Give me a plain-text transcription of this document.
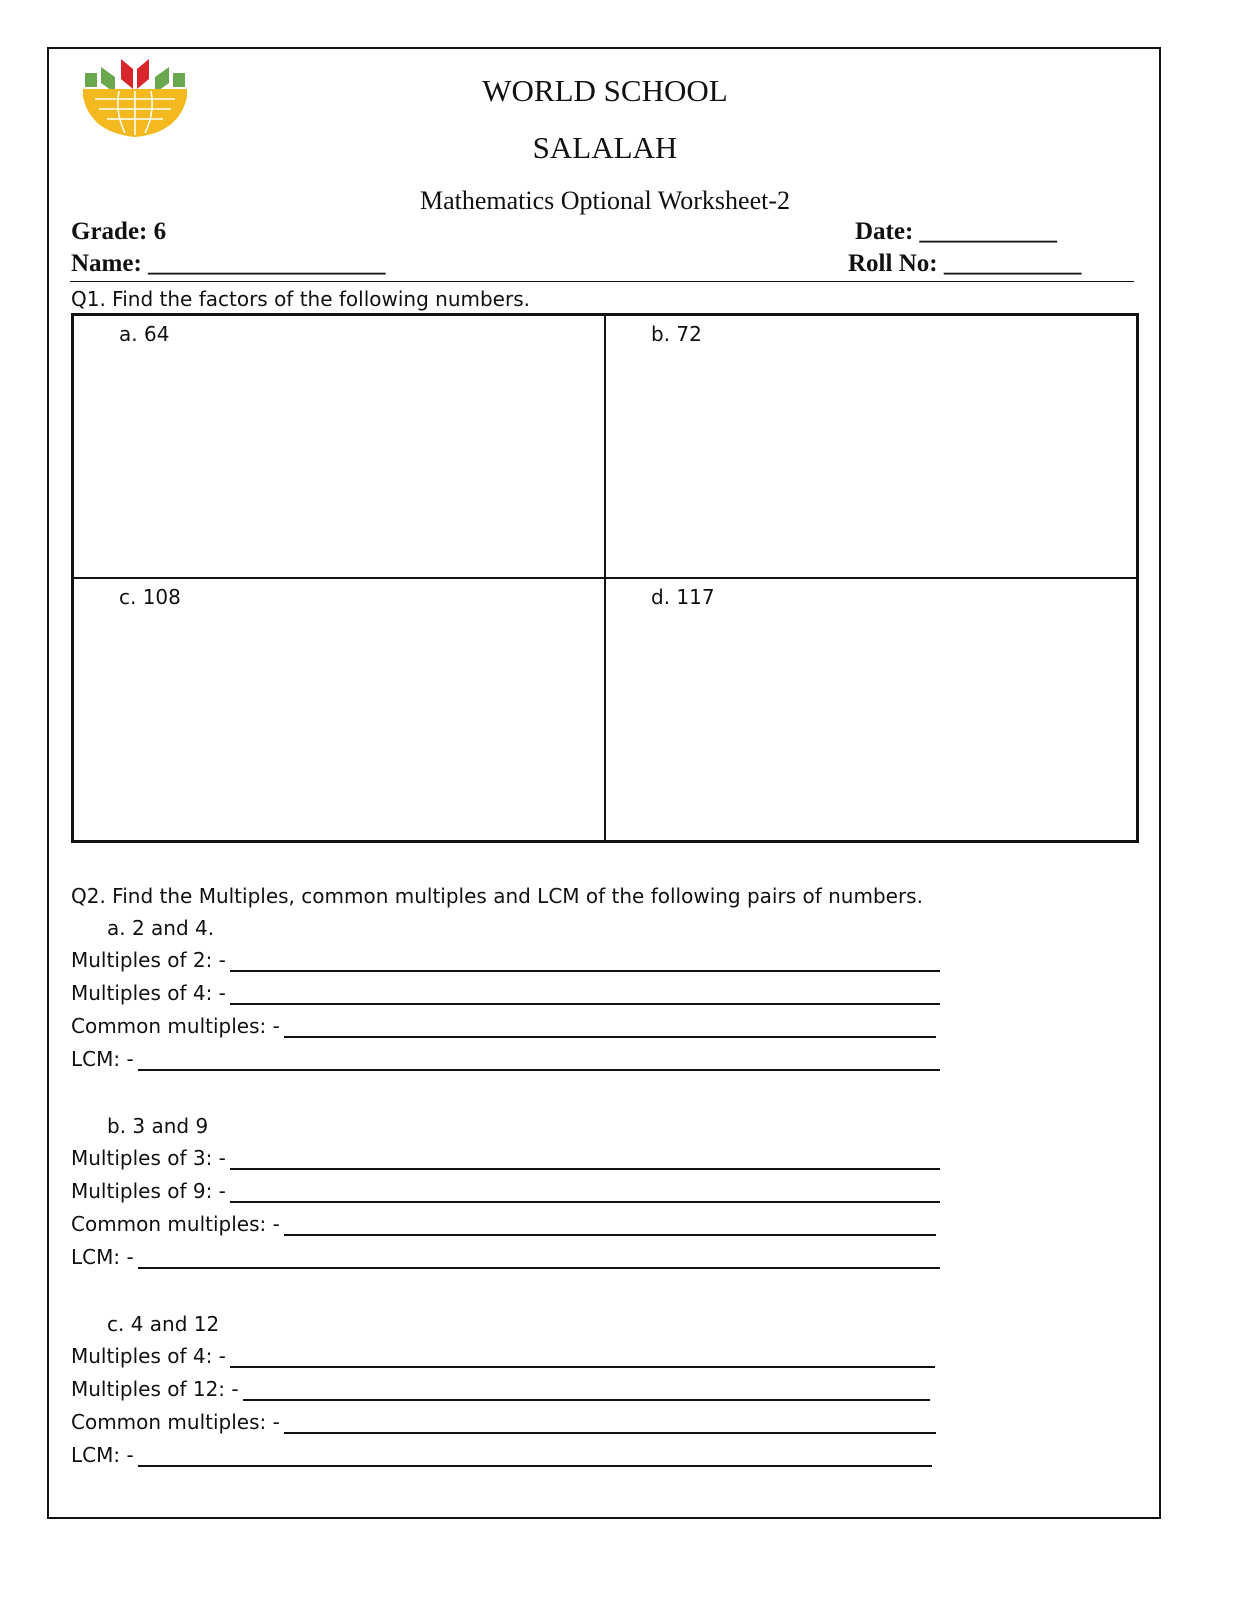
WORLD SCHOOL
SALALAH
Mathematics Optional Worksheet-2
Grade: 6
Name: ___________________
Date: ___________
Roll No: ___________
Q1. Find the factors of the following numbers.
a. 64	b. 72
c. 108	d. 117
Q2. Find the Multiples, common multiples and LCM of the following pairs of numbers.
a. 2 and 4.
Multiples of 2: -
Multiples of 4: -
Common multiples: -
LCM: -
b. 3 and 9
Multiples of 3: -
Multiples of 9: -
Common multiples: -
LCM: -
c. 4 and 12
Multiples of 4: -
Multiples of 12: -
Common multiples: -
LCM: -
